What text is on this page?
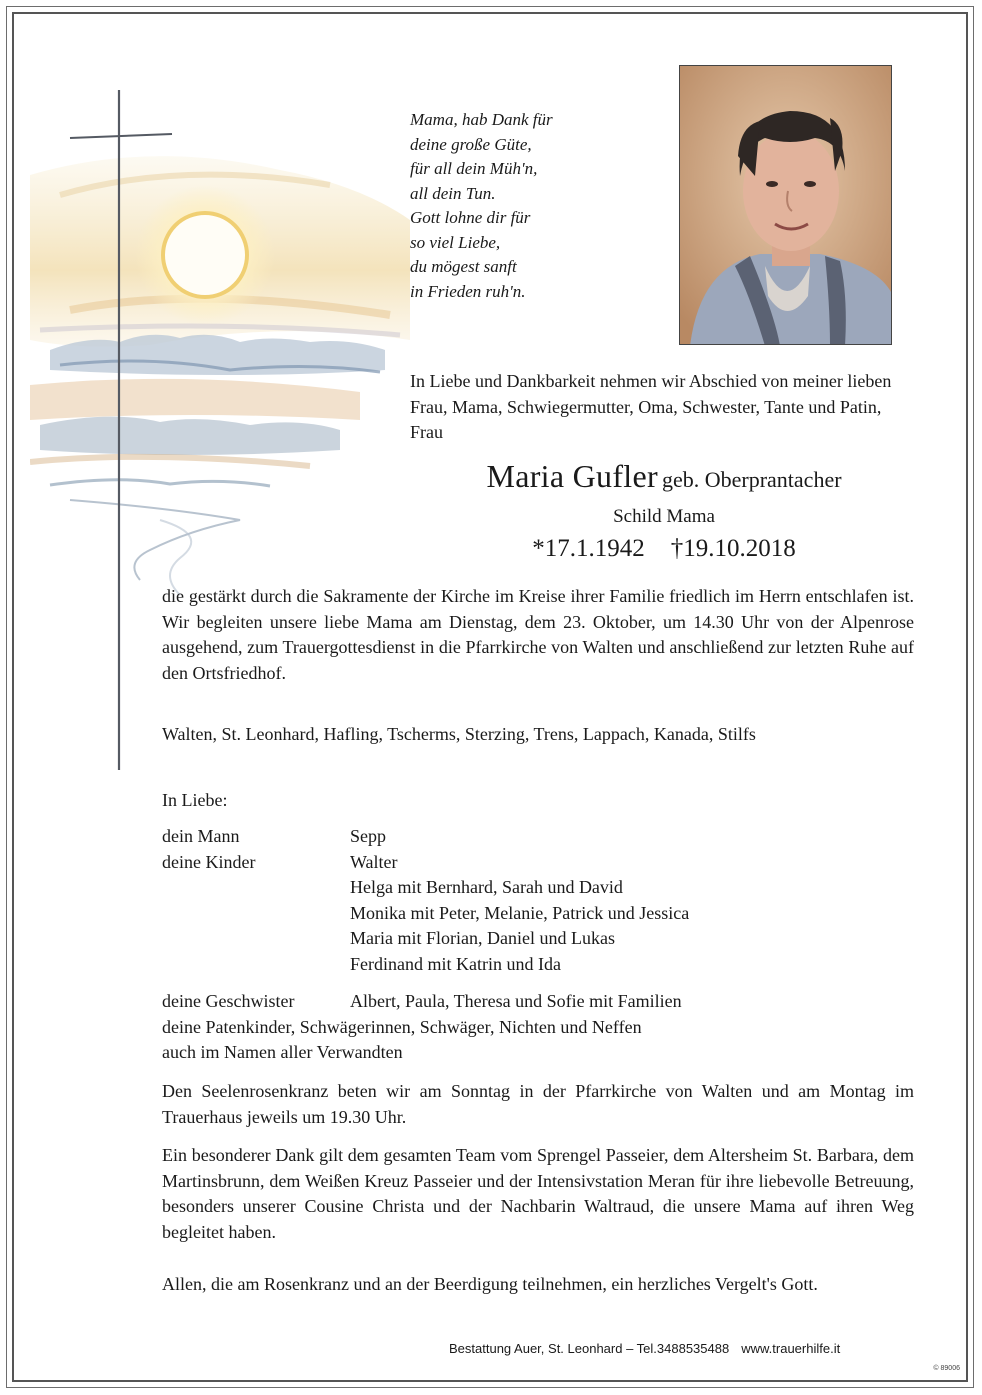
Mama, hab Dank für
deine große Güte,
für all dein Müh'n,
all dein Tun.
Gott lohne dir für
so viel Liebe,
du mögest sanft
in Frieden ruh'n.
In Liebe und Dankbarkeit nehmen wir Abschied von meiner lieben Frau, Mama, Schwiegermutter, Oma, Schwester, Tante und Patin, Frau
Maria Gufler geb. Oberprantacher
Schild Mama
*17.1.1942 †19.10.2018
die gestärkt durch die Sakramente der Kirche im Kreise ihrer Familie friedlich im Herrn entschlafen ist. Wir begleiten unsere liebe Mama am Dienstag, dem 23. Oktober, um 14.30 Uhr von der Alpenrose ausgehend, zum Trauergottesdienst in die Pfarrkirche von Walten und anschließend zur letzten Ruhe auf den Ortsfriedhof.
Walten, St. Leonhard, Hafling, Tscherms, Sterzing, Trens, Lappach, Kanada, Stilfs
In Liebe:
dein Mann	Sepp
deine Kinder	Walter
Helga mit Bernhard, Sarah und David
Monika mit Peter, Melanie, Patrick und Jessica
Maria mit Florian, Daniel und Lukas
Ferdinand mit Katrin und Ida
deine Geschwister	Albert, Paula, Theresa und Sofie mit Familien
deine Patenkinder, Schwägerinnen, Schwäger, Nichten und Neffen
auch im Namen aller Verwandten
Den Seelenrosenkranz beten wir am Sonntag in der Pfarrkirche von Walten und am Montag im Trauerhaus jeweils um 19.30 Uhr.
Ein besonderer Dank gilt dem gesamten Team vom Sprengel Passeier, dem Altersheim St. Barbara, dem Martinsbrunn, dem Weißen Kreuz Passeier und der Intensivstation Meran für ihre liebevolle Betreuung, besonders unserer Cousine Christa und der Nachbarin Waltraud, die unsere Mama auf ihren Weg begleitet haben.
Allen, die am Rosenkranz und an der Beerdigung teilnehmen, ein herzliches Vergelt's Gott.
Bestattung Auer, St. Leonhard – Tel.3488535488 www.trauerhilfe.it
© 89006
